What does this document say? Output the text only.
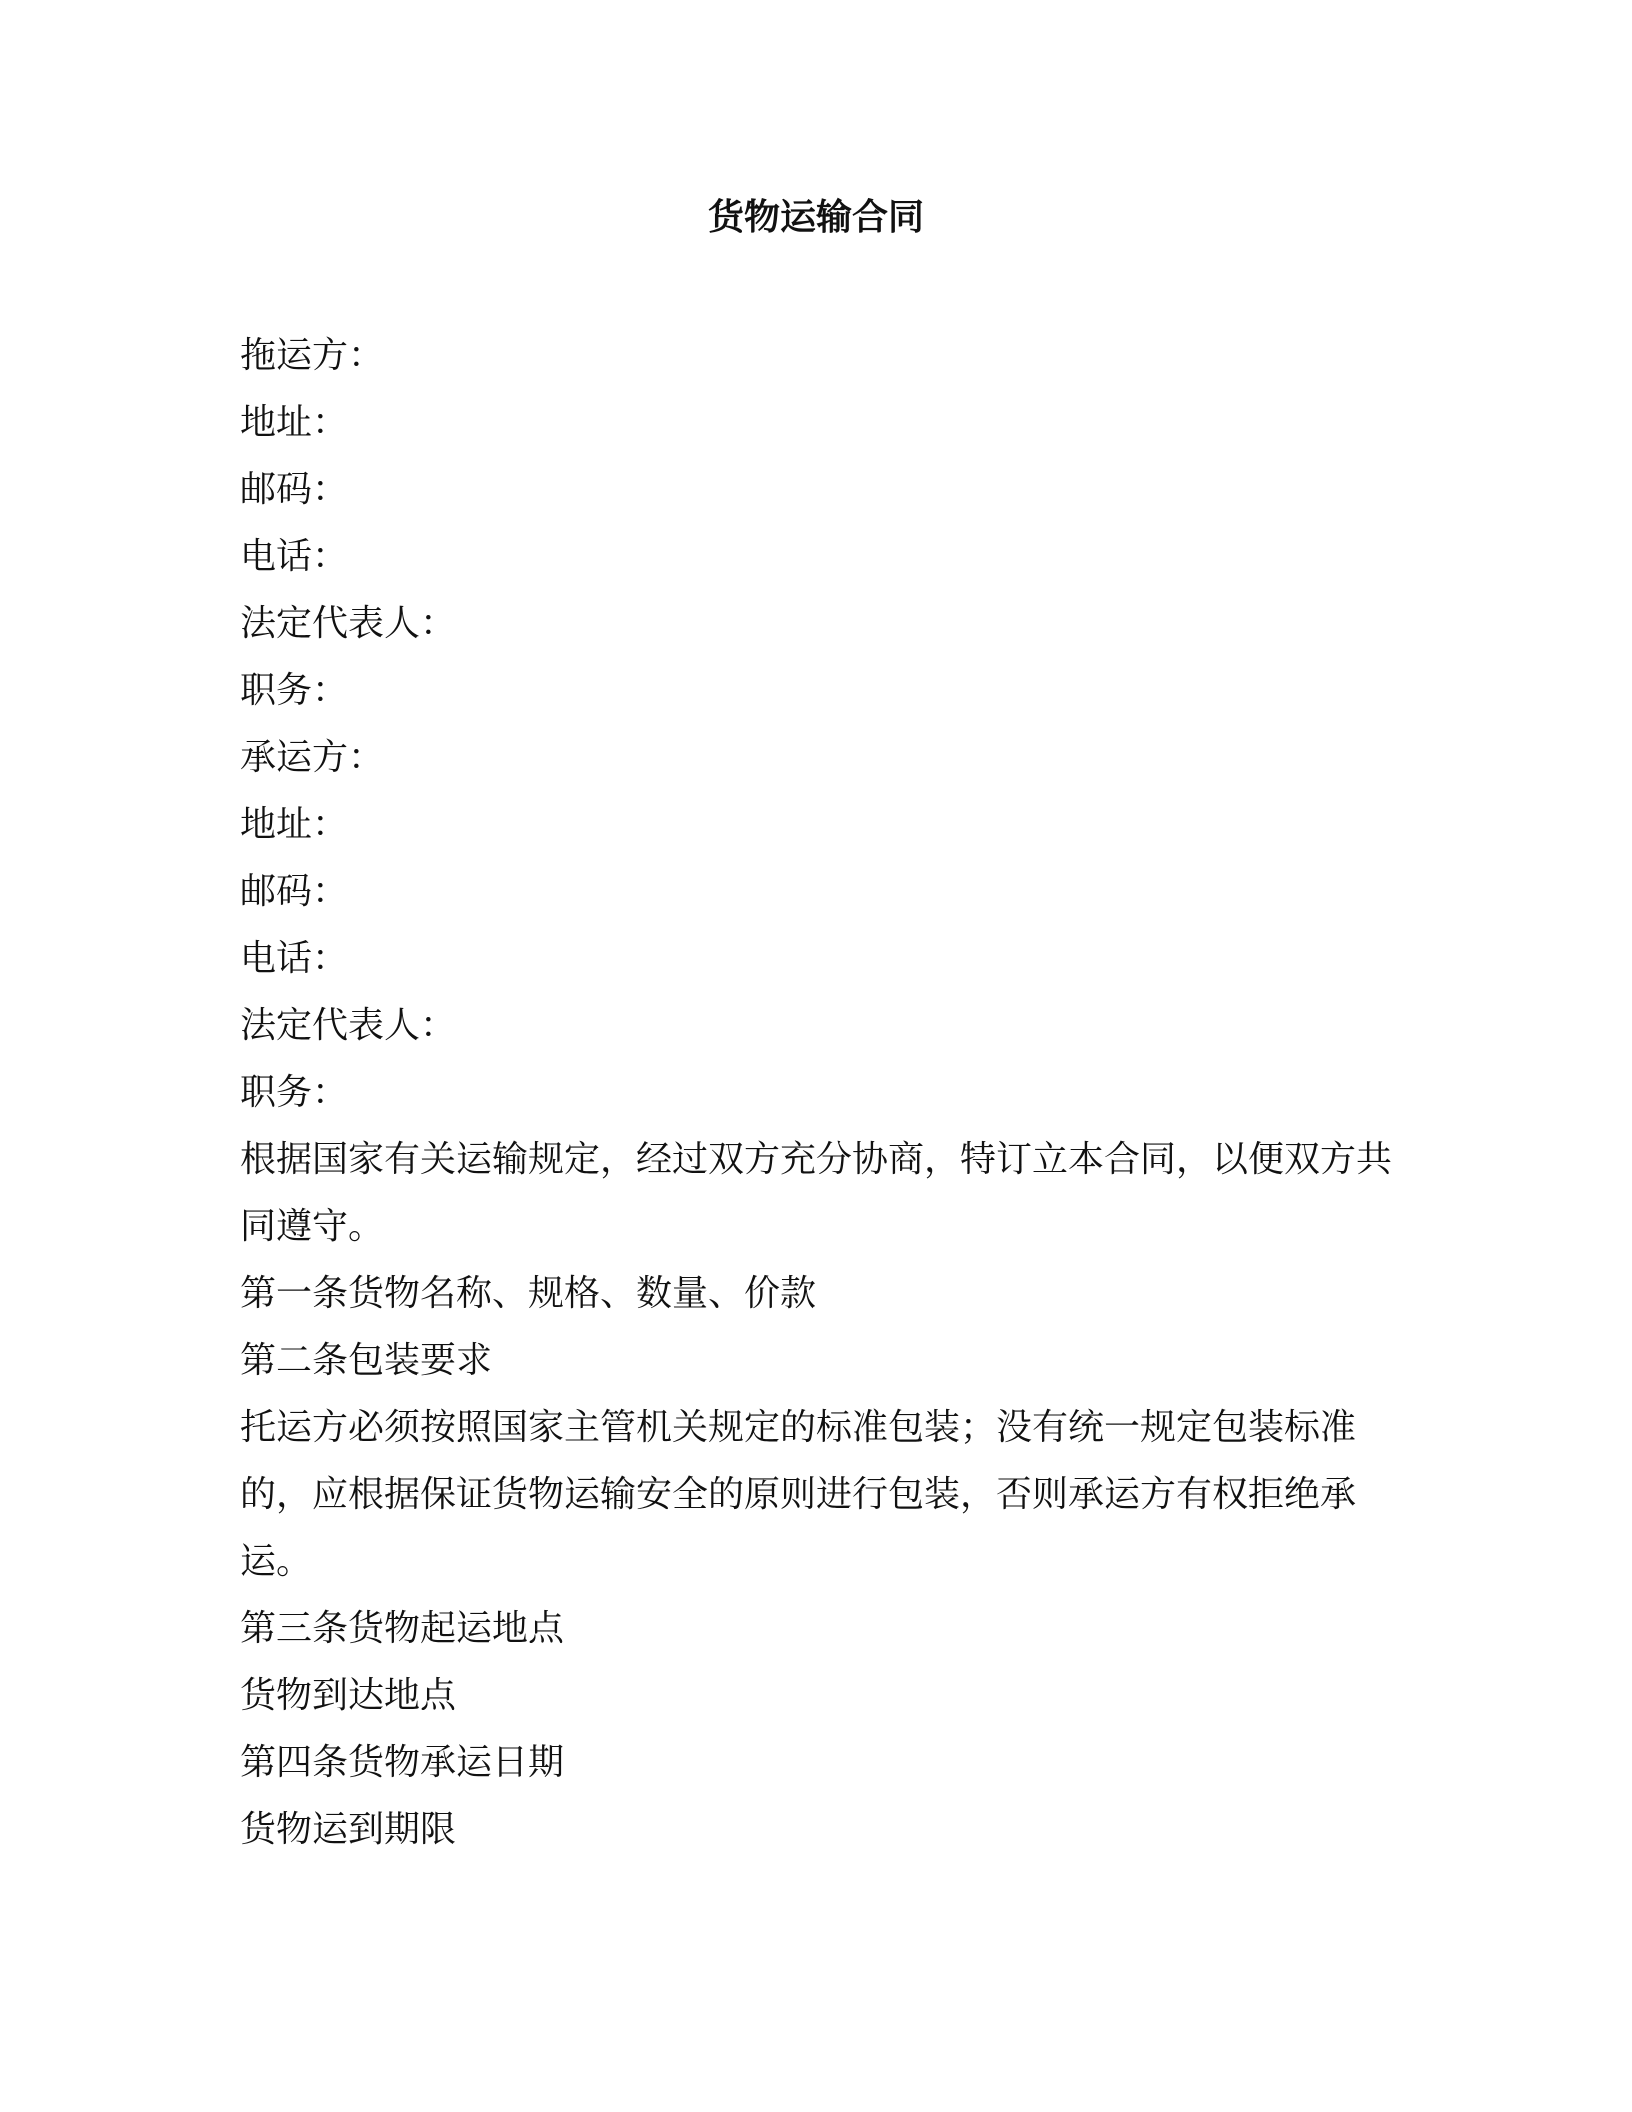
货物运输合同

拖运方：

地址：

邮码：

电话：

法定代表人：

职务：

承运方：

地址：

邮码：

电话：

法定代表人：

职务：

根据国家有关运输规定，经过双方充分协商，特订立本合同，以便双方共同遵守。

第一条货物名称、规格、数量、价款

第二条包装要求

托运方必须按照国家主管机关规定的标准包装；没有统一规定包装标准的，应根据保证货物运输安全的原则进行包装，否则承运方有权拒绝承运。

第三条货物起运地点

货物到达地点

第四条货物承运日期

货物运到期限
